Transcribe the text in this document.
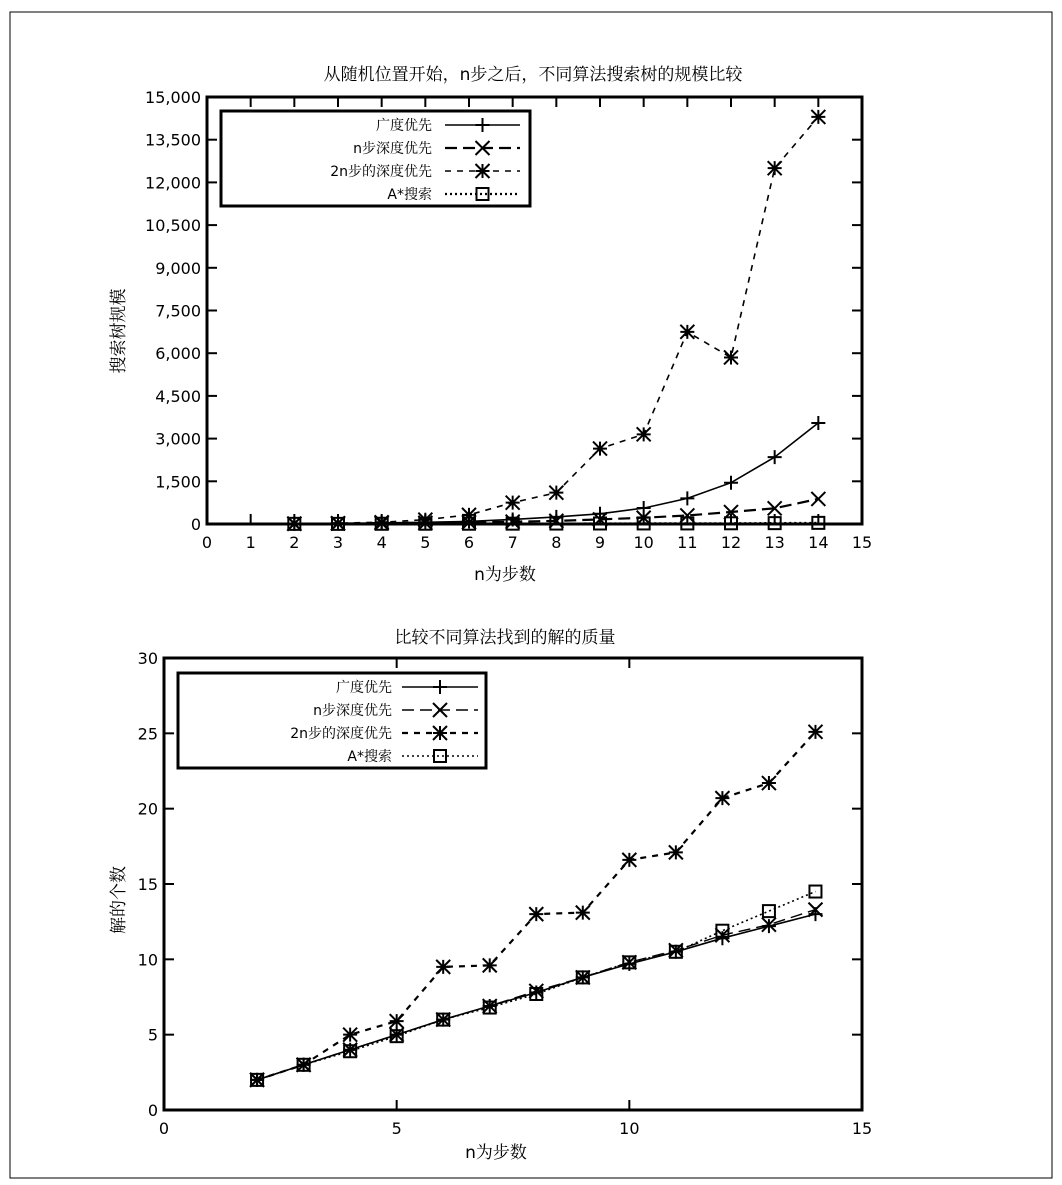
从随机位置开始，n步之后，不同算法搜索树的规模比较
n为步数
搜索树规模
0
1,500
3,000
4,500
6,000
7,500
9,000
10,500
12,000
13,500
15,000
0 1 2 3 4 5 6 7 8 9 10 11 12 13 14 15
广度优先
n步深度优先
2n步的深度优先
A*搜索
比较不同算法找到的解的质量
n为步数
解的个数
0
5
10
15
20
25
30
0	5	10	15
广度优先
n步深度优先
2n步的深度优先
A*搜索
